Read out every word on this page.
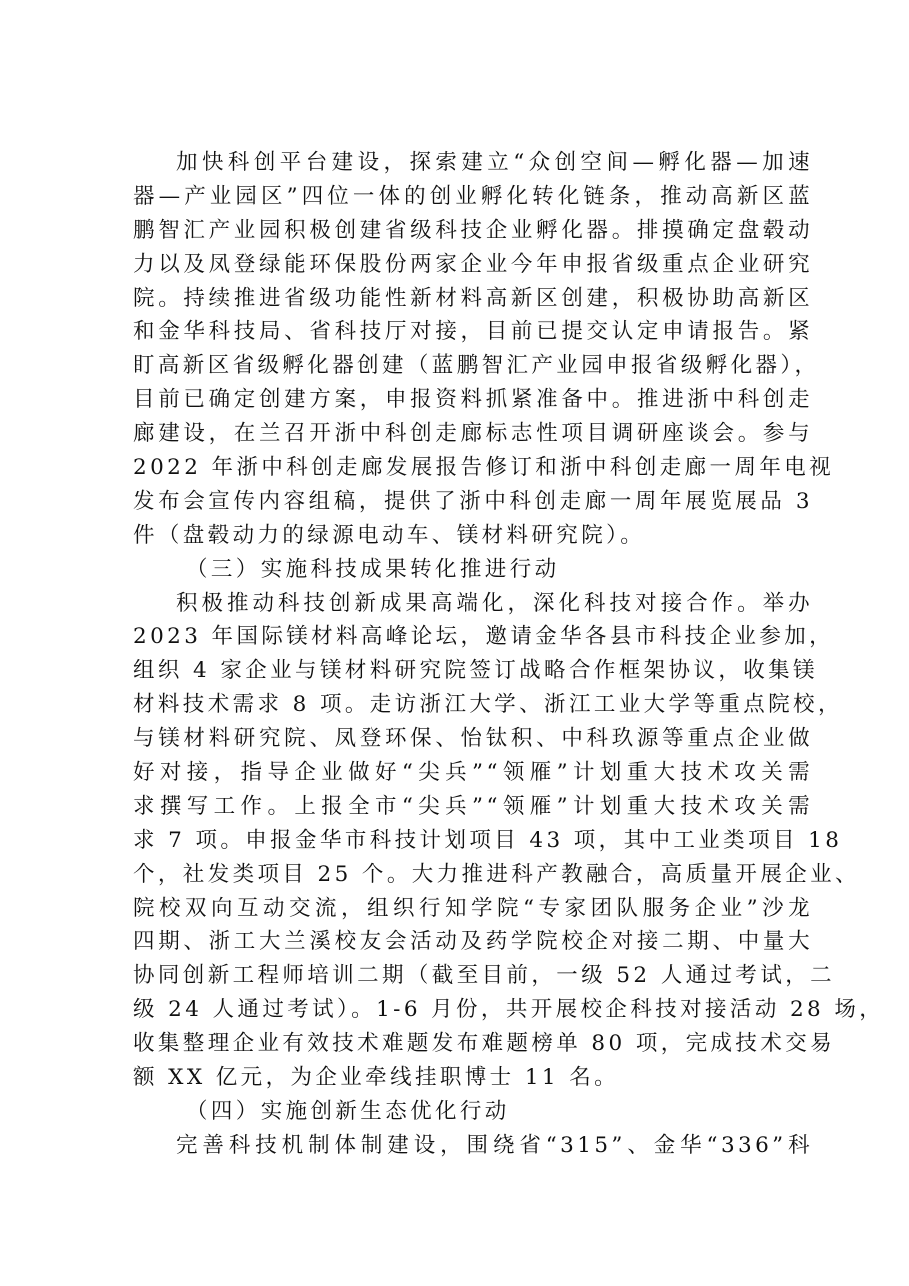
加快科创平台建设，探索建立“众创空间—孵化器—加速
器—产业园区”四位一体的创业孵化转化链条，推动高新区蓝
鹏智汇产业园积极创建省级科技企业孵化器。排摸确定盘毂动
力以及凤登绿能环保股份两家企业今年申报省级重点企业研究
院。持续推进省级功能性新材料高新区创建，积极协助高新区
和金华科技局、省科技厅对接，目前已提交认定申请报告。紧
盯高新区省级孵化器创建（蓝鹏智汇产业园申报省级孵化器），
目前已确定创建方案，申报资料抓紧准备中。推进浙中科创走
廊建设，在兰召开浙中科创走廊标志性项目调研座谈会。参与
2022 年浙中科创走廊发展报告修订和浙中科创走廊一周年电视
发布会宣传内容组稿，提供了浙中科创走廊一周年展览展品 3
件（盘毂动力的绿源电动车、镁材料研究院）。
（三）实施科技成果转化推进行动
积极推动科技创新成果高端化，深化科技对接合作。举办
2023 年国际镁材料高峰论坛，邀请金华各县市科技企业参加，
组织 4 家企业与镁材料研究院签订战略合作框架协议，收集镁
材料技术需求 8 项。走访浙江大学、浙江工业大学等重点院校，
与镁材料研究院、凤登环保、怡钛积、中科玖源等重点企业做
好对接，指导企业做好“尖兵”“领雁”计划重大技术攻关需
求撰写工作。上报全市“尖兵”“领雁”计划重大技术攻关需
求 7 项。申报金华市科技计划项目 43 项，其中工业类项目 18
个，社发类项目 25 个。大力推进科产教融合，高质量开展企业、
院校双向互动交流，组织行知学院“专家团队服务企业”沙龙
四期、浙工大兰溪校友会活动及药学院校企对接二期、中量大
协同创新工程师培训二期（截至目前，一级 52 人通过考试，二
级 24 人通过考试）。1-6 月份，共开展校企科技对接活动 28 场，
收集整理企业有效技术难题发布难题榜单 80 项，完成技术交易
额 XX 亿元，为企业牵线挂职博士 11 名。
（四）实施创新生态优化行动
完善科技机制体制建设，围绕省“315”、金华“336”科
